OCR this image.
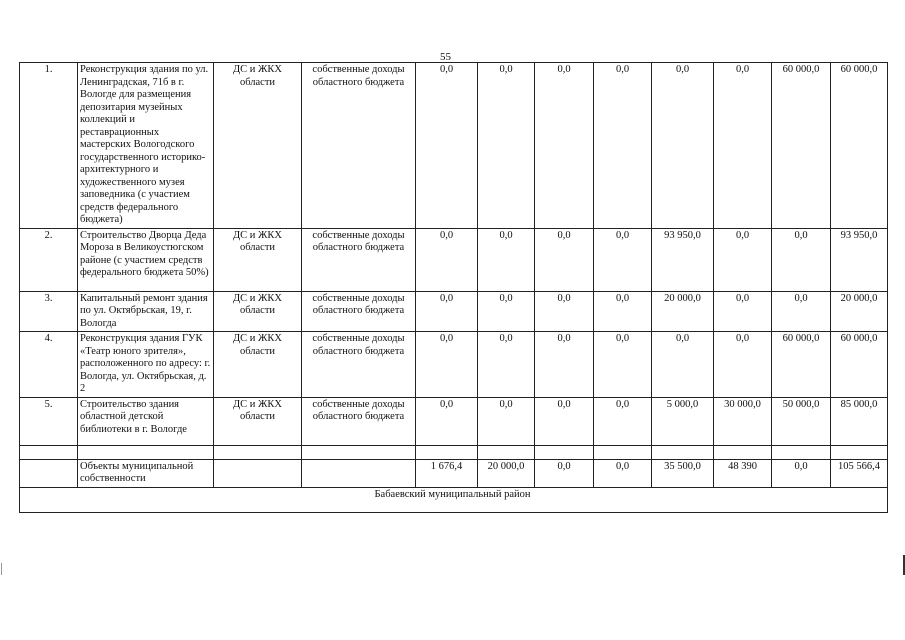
55
1.	Реконструкция здания по ул. Ленинградская, 71б в г. Вологде для размещения депозитария музейных коллекций и реставрационных мастерских Вологодского государственного историко-архитектурного и художественного музея заповедника (с участием средств федерального бюджета)	ДС и ЖКХ области	собственные доходы областного бюджета	0,0	0,0	0,0	0,0	0,0	0,0	60 000,0	60 000,0
2.	Строительство Дворца Деда Мороза в Великоустюгском районе (с участием средств федерального бюджета 50%)	ДС и ЖКХ области	собственные доходы областного бюджета	0,0	0,0	0,0	0,0	93 950,0	0,0	0,0	93 950,0
3.	Капитальный ремонт здания по ул. Октябрьская, 19, г. Вологда	ДС и ЖКХ области	собственные доходы областного бюджета	0,0	0,0	0,0	0,0	20 000,0	0,0	0,0	20 000,0
4.	Реконструкция здания ГУК «Театр юного зрителя», расположенного по адресу: г. Вологда, ул. Октябрьская, д. 2	ДС и ЖКХ области	собственные доходы областного бюджета	0,0	0,0	0,0	0,0	0,0	0,0	60 000,0	60 000,0
5.	Строительство здания областной детской библиотеки в г. Вологде	ДС и ЖКХ области	собственные доходы областного бюджета	0,0	0,0	0,0	0,0	5 000,0	30 000,0	50 000,0	85 000,0

	Объекты муниципальной собственности			1 676,4	20 000,0	0,0	0,0	35 500,0	48 390	0,0	105 566,4
Бабаевский муниципальный район											
